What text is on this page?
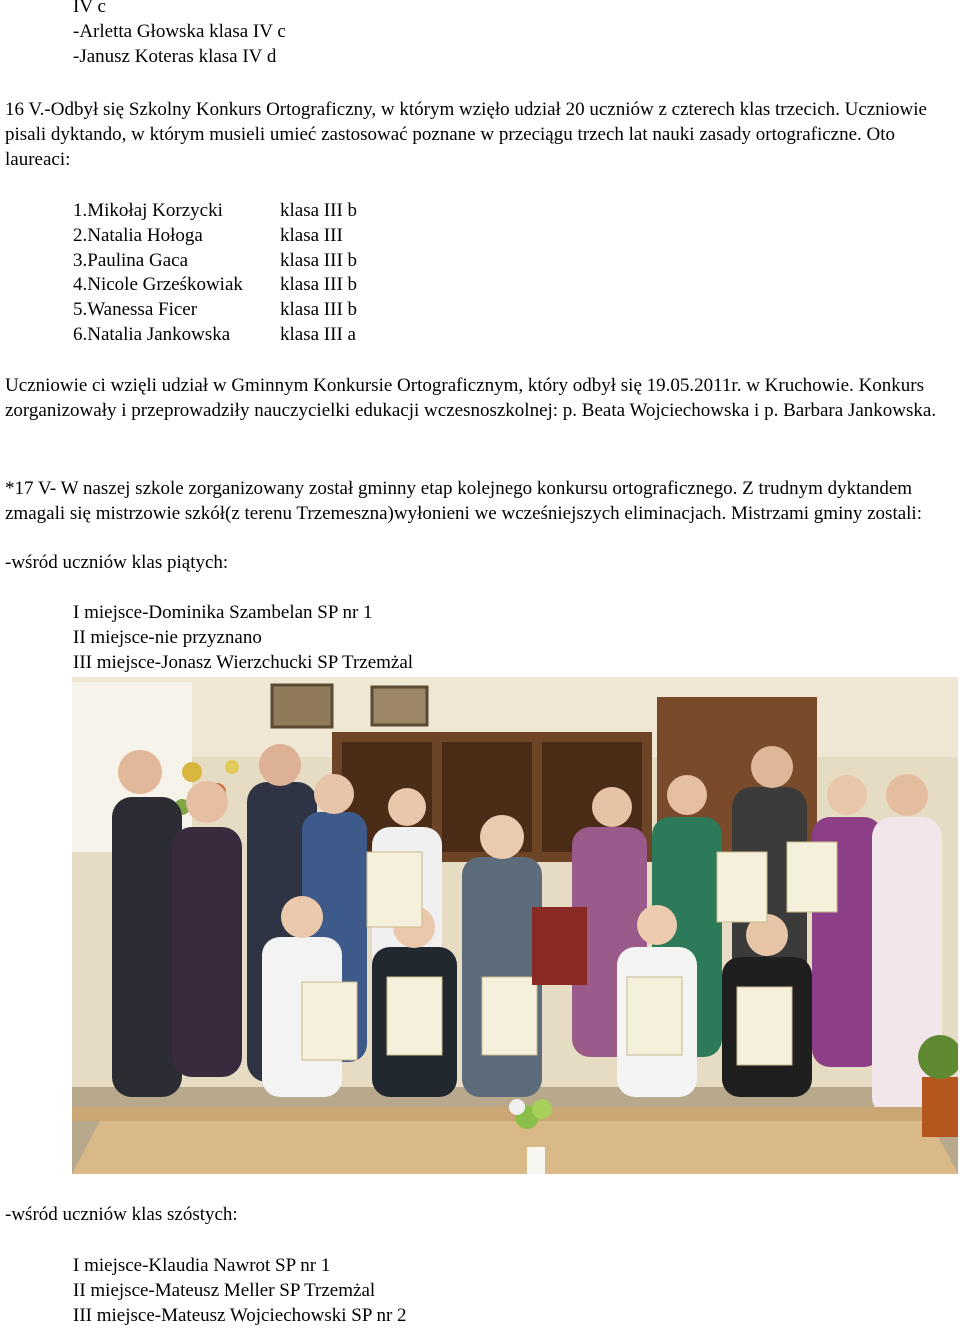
IV c
-Arletta Głowska klasa IV c
-Janusz Koteras klasa IV d
16 V.-Odbył się Szkolny Konkurs Ortograficzny, w którym wzięło udział 20 uczniów z czterech klas trzecich. Uczniowie pisali dyktando, w którym musieli umieć zastosować poznane w przeciągu trzech lat nauki zasady ortograficzne. Oto laureaci:
1.Mikołaj Korzycki	klasa III b
2.Natalia Hołoga	klasa III
3.Paulina Gaca	klasa III b
4.Nicole Grześkowiak	klasa III b
5.Wanessa Ficer	klasa III b
6.Natalia Jankowska	klasa III a
Uczniowie ci wzięli udział w Gminnym Konkursie Ortograficznym, który odbył się 19.05.2011r. w Kruchowie. Konkurs zorganizowały i przeprowadziły nauczycielki edukacji wczesnoszkolnej: p. Beata Wojciechowska i p. Barbara Jankowska.
*17 V- W naszej szkole zorganizowany został gminny etap kolejnego konkursu ortograficznego. Z trudnym dyktandem zmagali się mistrzowie szkół(z terenu Trzemeszna)wyłonieni we wcześniejszych eliminacjach. Mistrzami gminy zostali:
-wśród uczniów klas piątych:
I miejsce-Dominika Szambelan SP nr 1
II miejsce-nie przyznano
III miejsce-Jonasz Wierzchucki SP Trzemżal
-wśród uczniów klas szóstych:
I miejsce-Klaudia Nawrot SP nr 1
II miejsce-Mateusz Meller SP Trzemżal
III miejsce-Mateusz Wojciechowski SP nr 2
